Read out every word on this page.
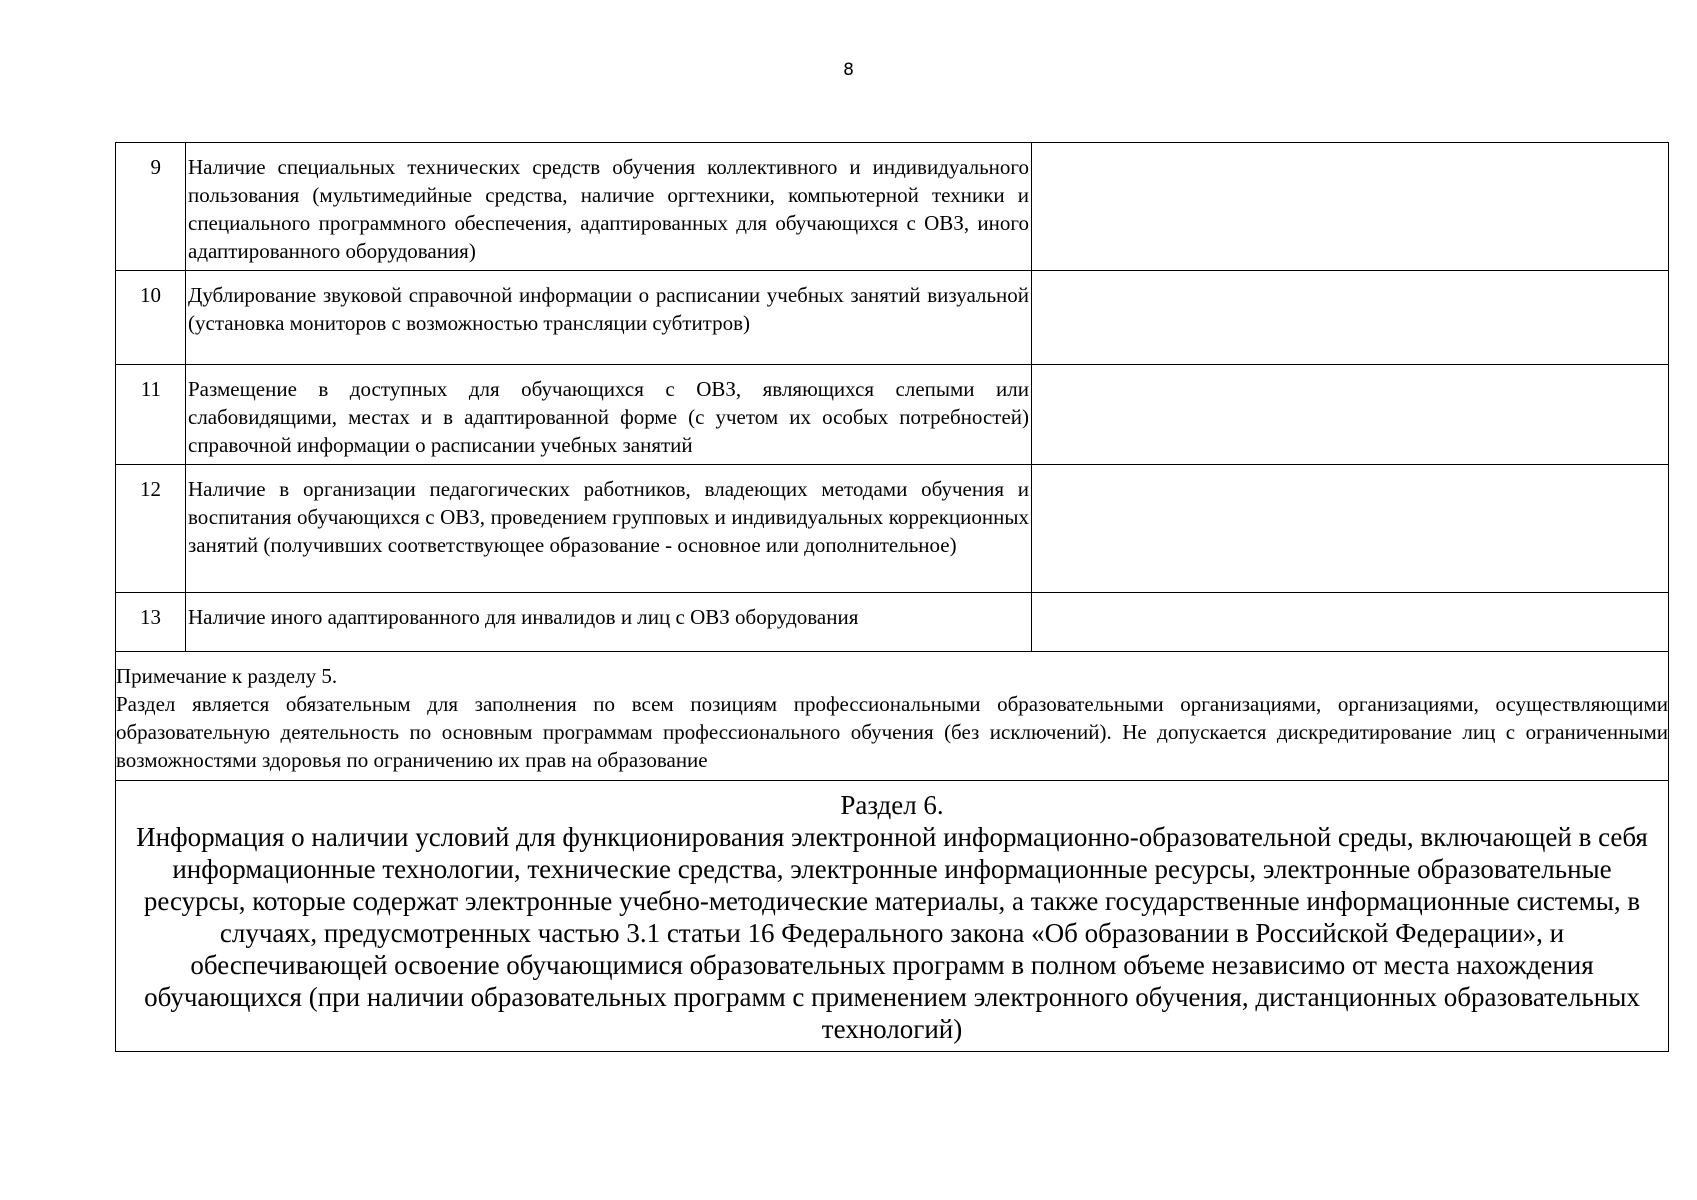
8
9	Наличие специальных технических средств обучения коллективного и индивидуального пользования (мультимедийные средства, наличие оргтехники, компьютерной техники и специального программного обеспечения, адаптированных для обучающихся с ОВЗ, иного адаптированного оборудования)	
10	Дублирование звуковой справочной информации о расписании учебных занятий визуальной (установка мониторов с возможностью трансляции субтитров)	
11	Размещение в доступных для обучающихся с ОВЗ, являющихся слепыми или слабовидящими, местах и в адаптированной форме (с учетом их особых потребностей) справочной информации о расписании учебных занятий	
12	Наличие в организации педагогических работников, владеющих методами обучения и воспитания обучающихся с ОВЗ, проведением групповых и индивидуальных коррекционных занятий (получивших соответствующее образование - основное или дополнительное)	
13	Наличие иного адаптированного для инвалидов и лиц с ОВЗ оборудования	

Примечание к разделу 5.
Раздел является обязательным для заполнения по всем позициям профессиональными образовательными организациями, организациями, осуществляющими образовательную деятельность по основным программам профессионального обучения (без исключений). Не допускается дискредитирование лиц с ограниченными возможностями здоровья по ограничению их прав на образование		

Раздел 6.
Информация о наличии условий для функционирования электронной информационно-образовательной среды, включающей в себя информационные технологии, технические средства, электронные информационные ресурсы, электронные образовательные ресурсы, которые содержат электронные учебно-методические материалы, а также государственные информационные системы, в случаях, предусмотренных частью 3.1 статьи 16 Федерального закона «Об образовании в Российской Федерации», и обеспечивающей освоение обучающимися образовательных программ в полном объеме независимо от места нахождения обучающихся (при наличии образовательных программ с применением электронного обучения, дистанционных образовательных технологий)		
